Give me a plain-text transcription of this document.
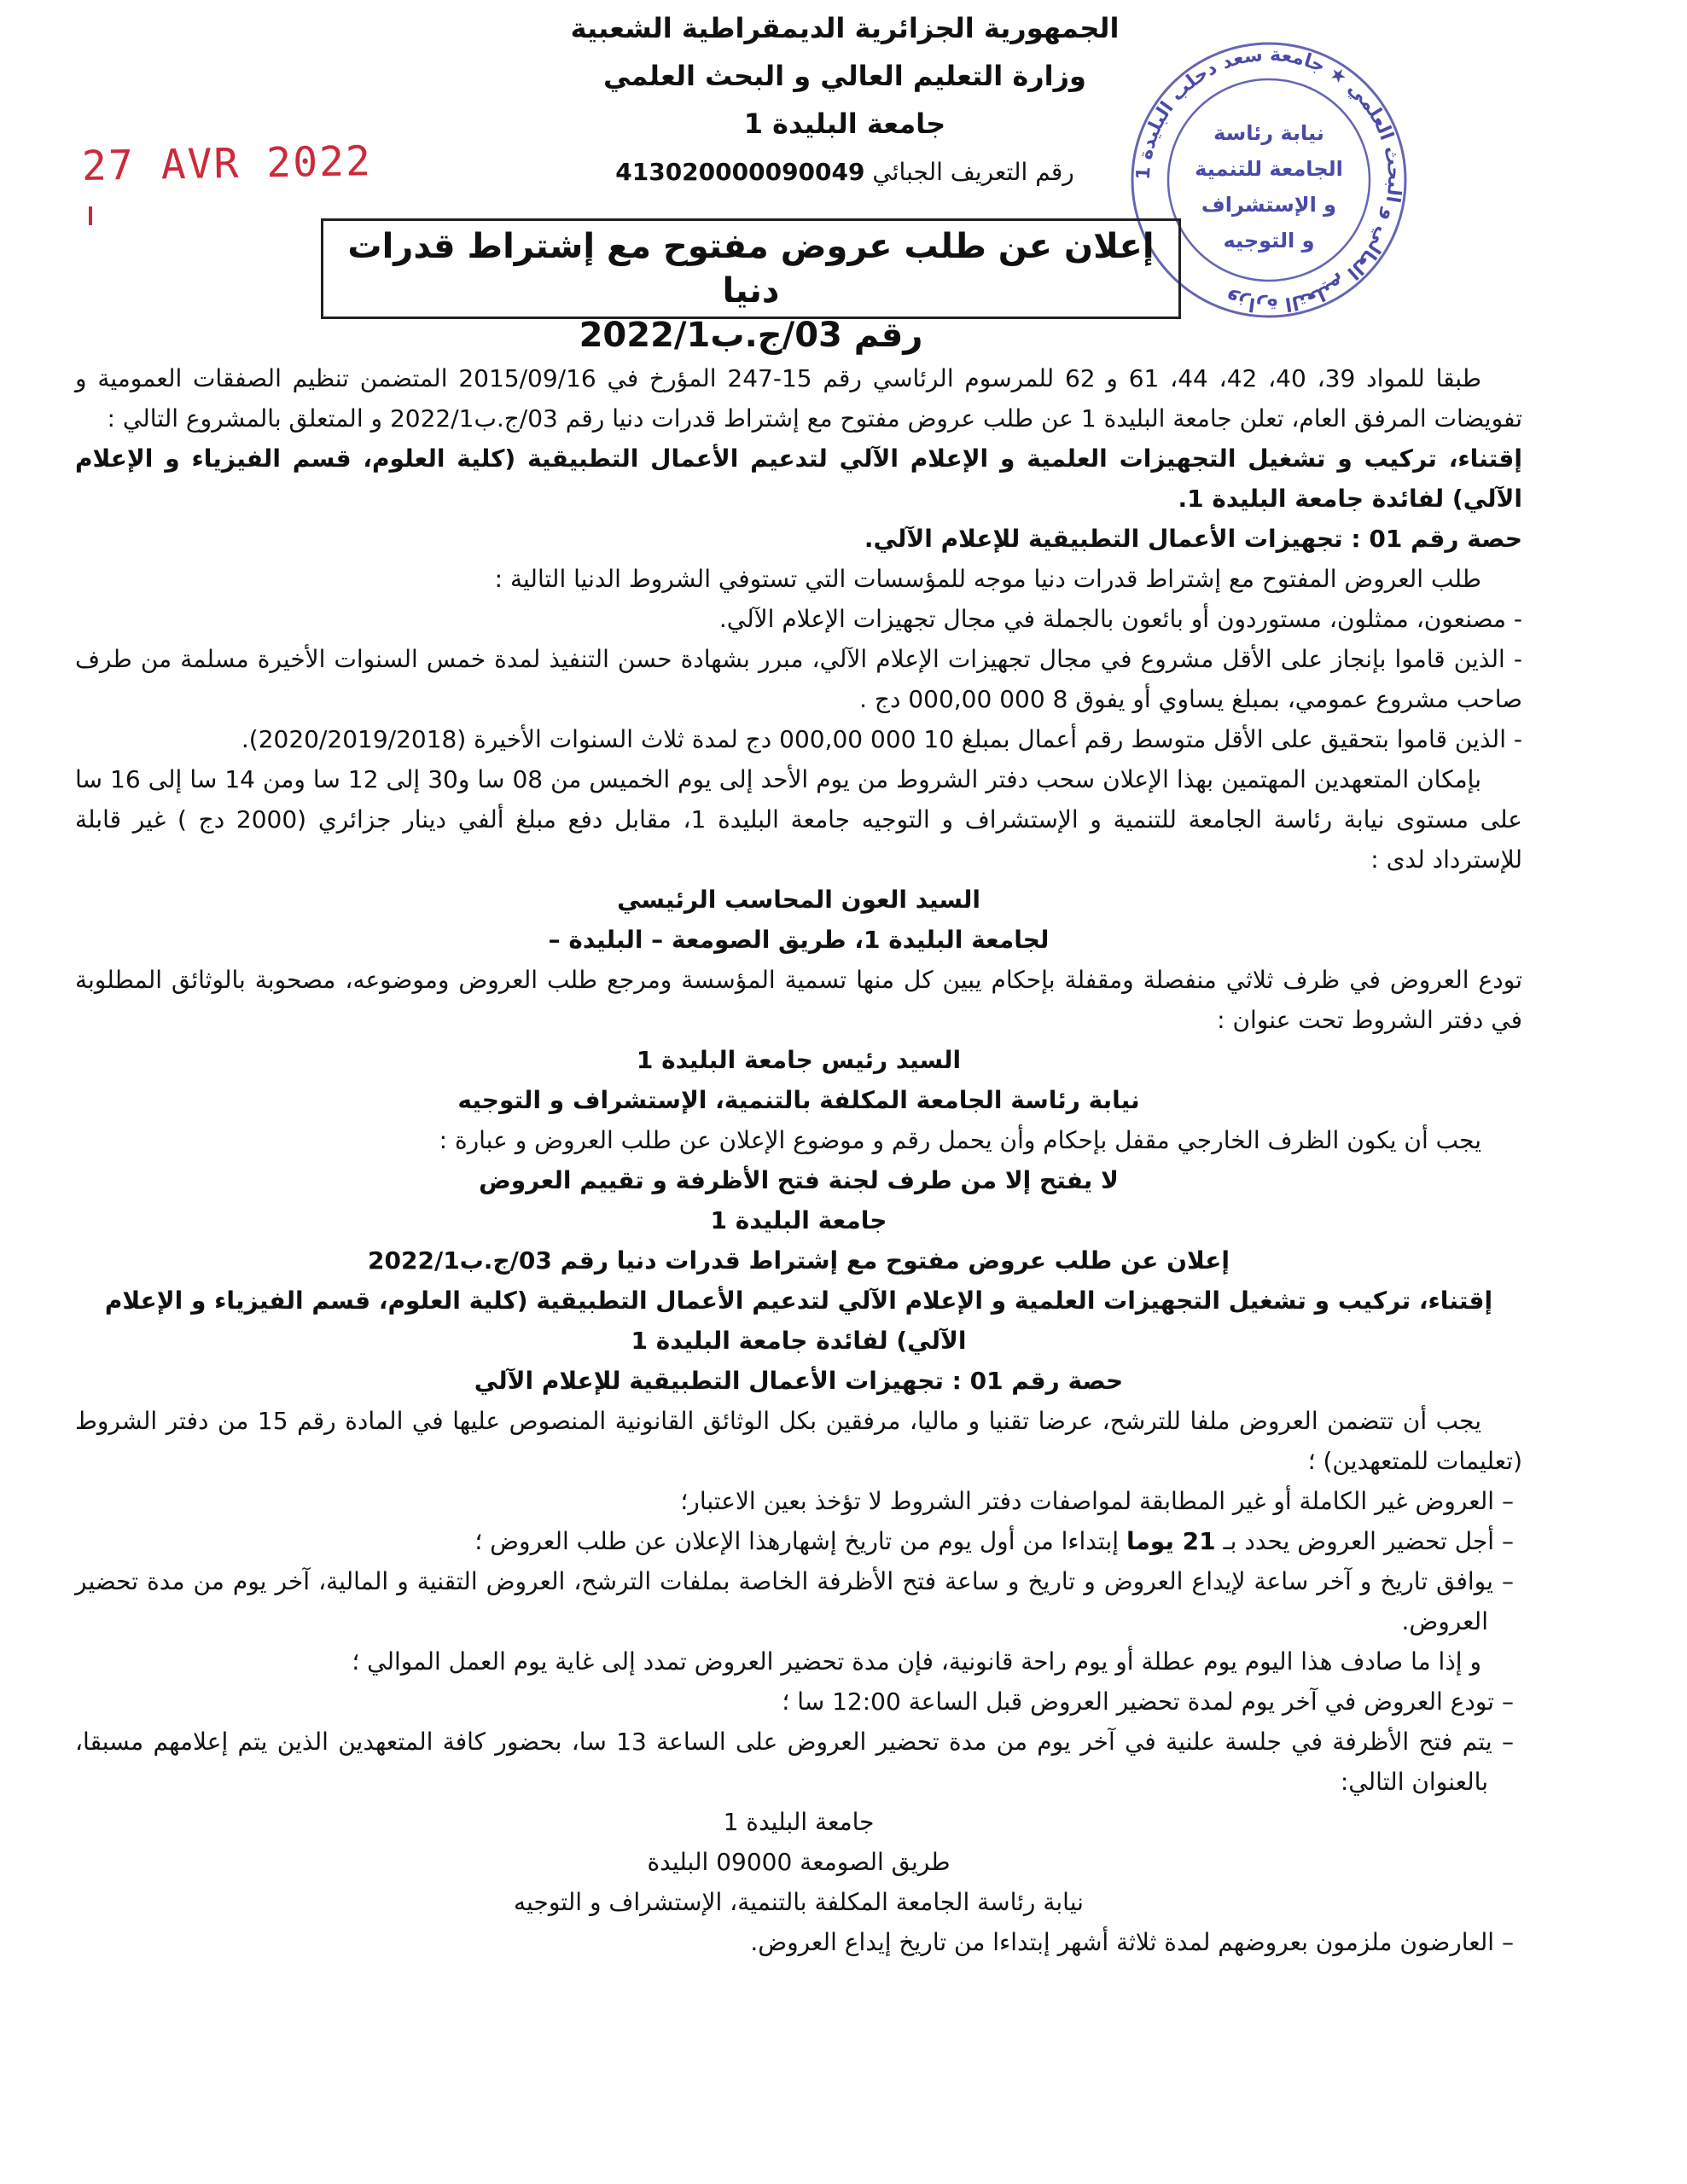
الجمهورية الجزائرية الديمقراطية الشعبية
وزارة التعليم العالي و البحث العلمي
جامعة البليدة 1
رقم التعريف الجبائي 413020000090049
27 AVR 2022	وزارة التعليم العالي و البحث العلمي ★ جامعة سعد دحلب البليدة 1
نيابة رئاسة
الجامعة للتنمية
و الإستشراف
و التوجيه
إعلان عن طلب عروض مفتوح مع إشتراط قدرات دنيا
رقم 03/ج.ب2022/1

طبقا للمواد 39، 40، 42، 44، 61 و 62 للمرسوم الرئاسي رقم 15-247 المؤرخ في 2015/09/16 المتضمن تنظيم الصفقات العمومية و تفويضات المرفق العام، تعلن جامعة البليدة 1 عن طلب عروض مفتوح مع إشتراط قدرات دنيا رقم 03/ج.ب2022/1 و المتعلق بالمشروع التالي :

إقتناء، تركيب و تشغيل التجهيزات العلمية و الإعلام الآلي لتدعيم الأعمال التطبيقية (كلية العلوم، قسم الفيزياء و الإعلام الآلي) لفائدة جامعة البليدة 1.

حصة رقم 01 : تجهيزات الأعمال التطبيقية للإعلام الآلي.

طلب العروض المفتوح مع إشتراط قدرات دنيا موجه للمؤسسات التي تستوفي الشروط الدنيا التالية :

- مصنعون، ممثلون، مستوردون أو بائعون بالجملة في مجال تجهيزات الإعلام الآلي.

- الذين قاموا بإنجاز على الأقل مشروع في مجال تجهيزات الإعلام الآلي، مبرر بشهادة حسن التنفيذ لمدة خمس السنوات الأخيرة مسلمة من طرف صاحب مشروع عمومي، بمبلغ يساوي أو يفوق 8 000 000,00 دج .

- الذين قاموا بتحقيق على الأقل متوسط رقم أعمال بمبلغ 10 000 000,00 دج لمدة ثلاث السنوات الأخيرة (2020/2019/2018).

بإمكان المتعهدين المهتمين بهذا الإعلان سحب دفتر الشروط من يوم الأحد إلى يوم الخميس من 08 سا و30 إلى 12 سا ومن 14 سا إلى 16 سا على مستوى نيابة رئاسة الجامعة للتنمية و الإستشراف و التوجيه جامعة البليدة 1، مقابل دفع مبلغ ألفي دينار جزائري (2000 دج ) غير قابلة للإسترداد لدى :

السيد العون المحاسب الرئيسي

لجامعة البليدة 1، طريق الصومعة – البليدة –

تودع العروض في ظرف ثلاثي منفصلة ومقفلة بإحكام يبين كل منها تسمية المؤسسة ومرجع طلب العروض وموضوعه، مصحوبة بالوثائق المطلوبة في دفتر الشروط تحت عنوان :

السيد رئيس جامعة البليدة 1

نيابة رئاسة الجامعة المكلفة بالتنمية، الإستشراف و التوجيه

يجب أن يكون الظرف الخارجي مقفل بإحكام وأن يحمل رقم و موضوع الإعلان عن طلب العروض و عبارة :

لا يفتح إلا من طرف لجنة فتح الأظرفة و تقييم العروض

جامعة البليدة 1

إعلان عن طلب عروض مفتوح مع إشتراط قدرات دنيا رقم 03/ج.ب2022/1

إقتناء، تركيب و تشغيل التجهيزات العلمية و الإعلام الآلي لتدعيم الأعمال التطبيقية (كلية العلوم، قسم الفيزياء و الإعلام الآلي) لفائدة جامعة البليدة 1

حصة رقم 01 : تجهيزات الأعمال التطبيقية للإعلام الآلي

يجب أن تتضمن العروض ملفا للترشح، عرضا تقنيا و ماليا، مرفقين بكل الوثائق القانونية المنصوص عليها في المادة رقم 15 من دفتر الشروط (تعليمات للمتعهدين) ؛

– العروض غير الكاملة أو غير المطابقة لمواصفات دفتر الشروط لا تؤخذ بعين الاعتبار؛

– أجل تحضير العروض يحدد بـ 21 يوما إبتداءا من أول يوم من تاريخ إشهارهذا الإعلان عن طلب العروض ؛

– يوافق تاريخ و آخر ساعة لإيداع العروض و تاريخ و ساعة فتح الأظرفة الخاصة بملفات الترشح، العروض التقنية و المالية، آخر يوم من مدة تحضير العروض.

و إذا ما صادف هذا اليوم يوم عطلة أو يوم راحة قانونية، فإن مدة تحضير العروض تمدد إلى غاية يوم العمل الموالي ؛

– تودع العروض في آخر يوم لمدة تحضير العروض قبل الساعة 12:00 سا ؛

– يتم فتح الأظرفة في جلسة علنية في آخر يوم من مدة تحضير العروض على الساعة 13 سا، بحضور كافة المتعهدين الذين يتم إعلامهم مسبقا، بالعنوان التالي:

جامعة البليدة 1

طريق الصومعة 09000 البليدة

نيابة رئاسة الجامعة المكلفة بالتنمية، الإستشراف و التوجيه

– العارضون ملزمون بعروضهم لمدة ثلاثة أشهر إبتداءا من تاريخ إيداع العروض.
